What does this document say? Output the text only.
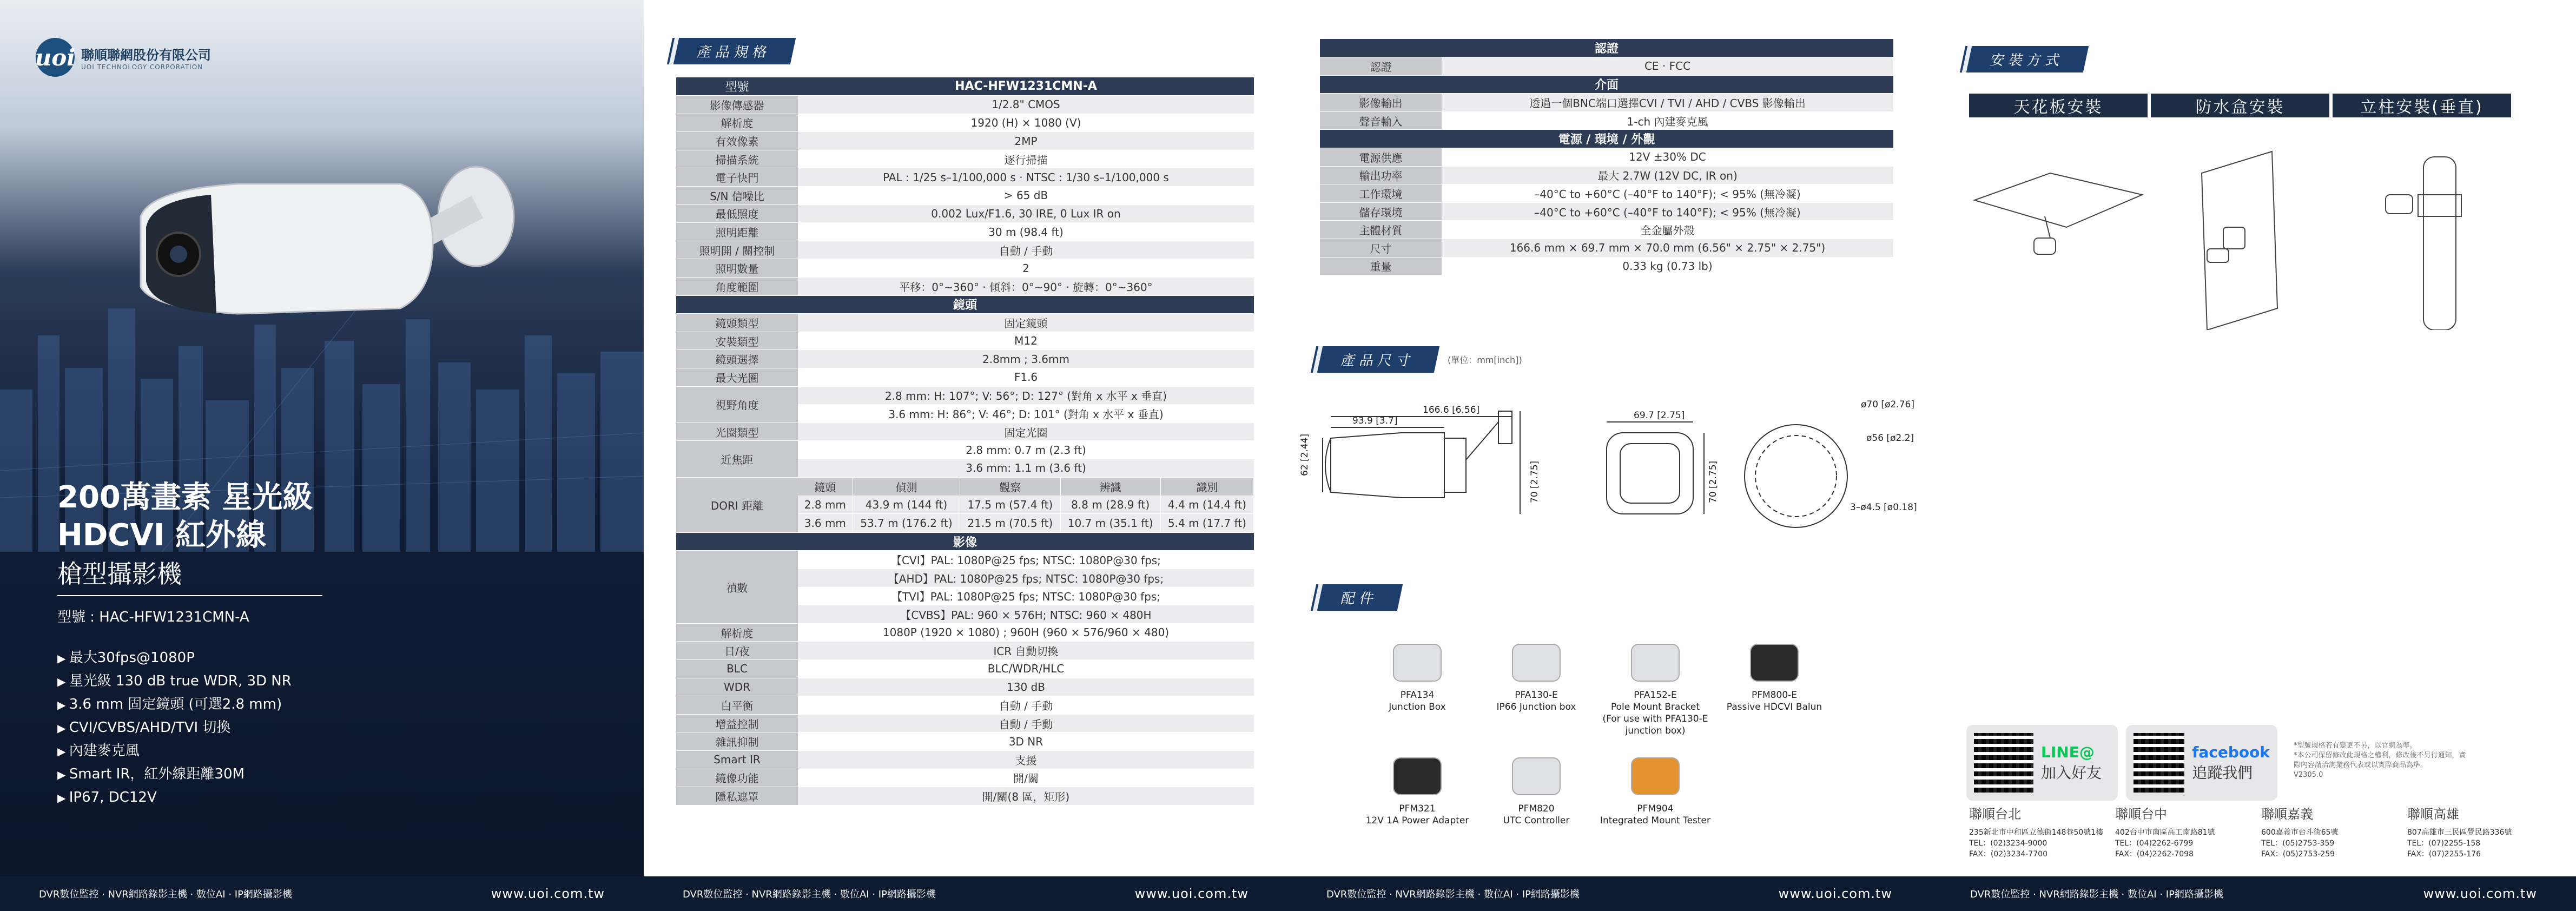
uoi 聯順聯網股份有限公司
UOI TECHNOLOGY CORPORATION
200萬畫素 星光級
HDCVI 紅外線
槍型攝影機
型號 : HAC-HFW1231CMN-A
▶ 最大30fps@1080P
▶ 星光級 130 dB true WDR, 3D NR
▶ 3.6 mm 固定鏡頭 (可選2.8 mm)
▶ CVI/CVBS/AHD/TVI 切換
▶ 內建麥克風
▶ Smart IR，紅外線距離30M
▶ IP67, DC12V
DVR數位監控 · NVR網路錄影主機 · 數位AI · IP網路攝影機	www.uoi.com.tw
產品規格
型號	HAC-HFW1231CMN-A
影像傳感器	1/2.8" CMOS
解析度	1920 (H) × 1080 (V)
有效像素	2MP
掃描系統	逐行掃描
電子快門	PAL : 1/25 s–1/100,000 s · NTSC : 1/30 s–1/100,000 s
S/N 信噪比	> 65 dB
最低照度	0.002 Lux/F1.6, 30 IRE, 0 Lux IR on
照明距離	30 m (98.4 ft)
照明開 / 關控制	自動 / 手動
照明數量	2
角度範圍	平移：0°~360° · 傾斜：0°~90° · 旋轉：0°~360°
鏡頭
鏡頭類型	固定鏡頭
安裝類型	M12
鏡頭選擇	2.8mm ; 3.6mm
最大光圈	F1.6
視野角度	2.8 mm: H: 107°; V: 56°; D: 127° (對角 x 水平 x 垂直)
3.6 mm: H: 86°; V: 46°; D: 101° (對角 x 水平 x 垂直)
光圈類型	固定光圈
近焦距	2.8 mm: 0.7 m (2.3 ft)
3.6 mm: 1.1 m (3.6 ft)
DORI 距離	
鏡頭	偵測	觀察	辨識	識別
2.8 mm	43.9 m (144 ft)	17.5 m (57.4 ft)	8.8 m (28.9 ft)	4.4 m (14.4 ft)
3.6 mm	53.7 m (176.2 ft)	21.5 m (70.5 ft)	10.7 m (35.1 ft)	5.4 m (17.7 ft)

影像
禎數	【CVI】PAL: 1080P@25 fps; NTSC: 1080P@30 fps;
【AHD】PAL: 1080P@25 fps; NTSC: 1080P@30 fps;
【TVI】PAL: 1080P@25 fps; NTSC: 1080P@30 fps;
【CVBS】PAL: 960 × 576H; NTSC: 960 × 480H
解析度	1080P (1920 × 1080) ; 960H (960 × 576/960 × 480)
日/夜	ICR 自動切換
BLC	BLC/WDR/HLC
WDR	130 dB
白平衡	自動 / 手動
增益控制	自動 / 手動
雜訊抑制	3D NR
Smart IR	支援
鏡像功能	開/關
隱私遮罩	開/關(8 區，矩形)
DVR數位監控 · NVR網路錄影主機 · 數位AI · IP網路攝影機	www.uoi.com.tw
認證	
認證	CE · FCC
介面	
影像輸出	透過一個BNC端口選擇CVI / TVI / AHD / CVBS 影像輸出
聲音輸入	1-ch 內建麥克風
電源 / 環境 / 外觀	
電源供應	12V ±30% DC
輸出功率	最大 2.7W (12V DC, IR on)
工作環境	–40°C to +60°C (–40°F to 140°F); < 95% (無冷凝)
儲存環境	–40°C to +60°C (–40°F to 140°F); < 95% (無冷凝)
主體材質	全金屬外殼
尺寸	166.6 mm × 69.7 mm × 70.0 mm (6.56" × 2.75" × 2.75")
重量	0.33 kg (0.73 lb)
產品尺寸	(單位：mm[inch])
166.6 [6.56]
93.9 [3.7]
62 [2.44]
70 [2.75]
69.7 [2.75]
70 [2.75]
ø70 [ø2.76]
ø56 [ø2.2]
3–ø4.5 [ø0.18]
配件
PFA134
Junction Box
PFA130-E
IP66 Junction box
PFA152-E
Pole Mount Bracket
(For use with PFA130-E
junction box)
PFM800-E
Passive HDCVI Balun
PFM321
12V 1A Power Adapter
PFM820
UTC Controller
PFM904
Integrated Mount Tester
DVR數位監控 · NVR網路錄影主機 · 數位AI · IP網路攝影機	www.uoi.com.tw
安裝方式
天花板安裝	防水盒安裝	立柱安裝(垂直)
LINE@
加入好友
facebook
追蹤我們
*型號規格若有變更不另，以官網為準。
*本公司保留修改此規格之權利，修改後不另行通知，實際內容請洽詢業務代表或以實際商品為準。
V2305.0
聯順台北
235新北市中和區立德街148巷50號1樓
TEL：(02)3234-9000
FAX：(02)3234-7700
聯順台中
402台中市南區高工南路81號
TEL：(04)2262-6799
FAX：(04)2262-7098
聯順嘉義
600嘉義市台斗街65號
TEL：(05)2753-359
FAX：(05)2753-259
聯順高雄
807高雄市三民區覺民路336號
TEL：(07)2255-158
FAX：(07)2255-176
DVR數位監控 · NVR網路錄影主機 · 數位AI · IP網路攝影機	www.uoi.com.tw
